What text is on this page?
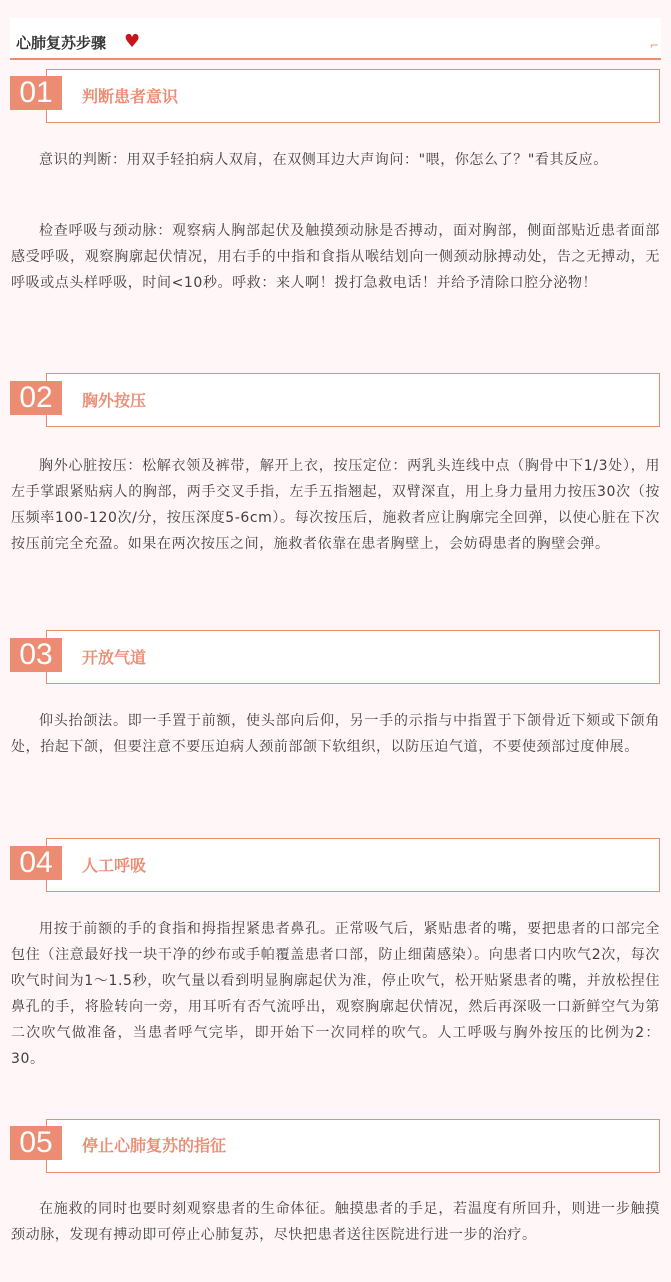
心肺复苏步骤 ♥	⌐
01	判断患者意识

意识的判断：用双手轻拍病人双肩，在双侧耳边大声询问："喂，你怎么了？"看其反应。

检查呼吸与颈动脉：观察病人胸部起伏及触摸颈动脉是否搏动，面对胸部，侧面部贴近患者面部感受呼吸，观察胸廓起伏情况，用右手的中指和食指从喉结划向一侧颈动脉搏动处，告之无搏动，无呼吸或点头样呼吸，时间<10秒。呼救：来人啊！拨打急救电话！并给予清除口腔分泌物！

02	胸外按压

胸外心脏按压：松解衣领及裤带，解开上衣，按压定位：两乳头连线中点（胸骨中下1/3处），用左手掌跟紧贴病人的胸部，两手交叉手指，左手五指翘起，双臂深直，用上身力量用力按压30次（按压频率100-120次/分，按压深度5-6cm）。每次按压后，施救者应让胸廓完全回弹，以使心脏在下次按压前完全充盈。如果在两次按压之间，施救者依靠在患者胸壁上，会妨碍患者的胸壁会弹。

03	开放气道

仰头抬颌法。即一手置于前额，使头部向后仰，另一手的示指与中指置于下颌骨近下颏或下颌角处，抬起下颌，但要注意不要压迫病人颈前部颌下软组织，以防压迫气道，不要使颈部过度伸展。

04	人工呼吸

用按于前额的手的食指和拇指捏紧患者鼻孔。正常吸气后，紧贴患者的嘴，要把患者的口部完全包住（注意最好找一块干净的纱布或手帕覆盖患者口部，防止细菌感染）。向患者口内吹气2次，每次吹气时间为1～1.5秒，吹气量以看到明显胸廓起伏为准，停止吹气，松开贴紧患者的嘴，并放松捏住鼻孔的手，将脸转向一旁，用耳听有否气流呼出，观察胸廓起伏情况，然后再深吸一口新鲜空气为第二次吹气做准备，当患者呼气完毕，即开始下一次同样的吹气。人工呼吸与胸外按压的比例为2：30。

05	停止心肺复苏的指征

在施救的同时也要时刻观察患者的生命体征。触摸患者的手足，若温度有所回升，则进一步触摸颈动脉，发现有搏动即可停止心肺复苏，尽快把患者送往医院进行进一步的治疗。
